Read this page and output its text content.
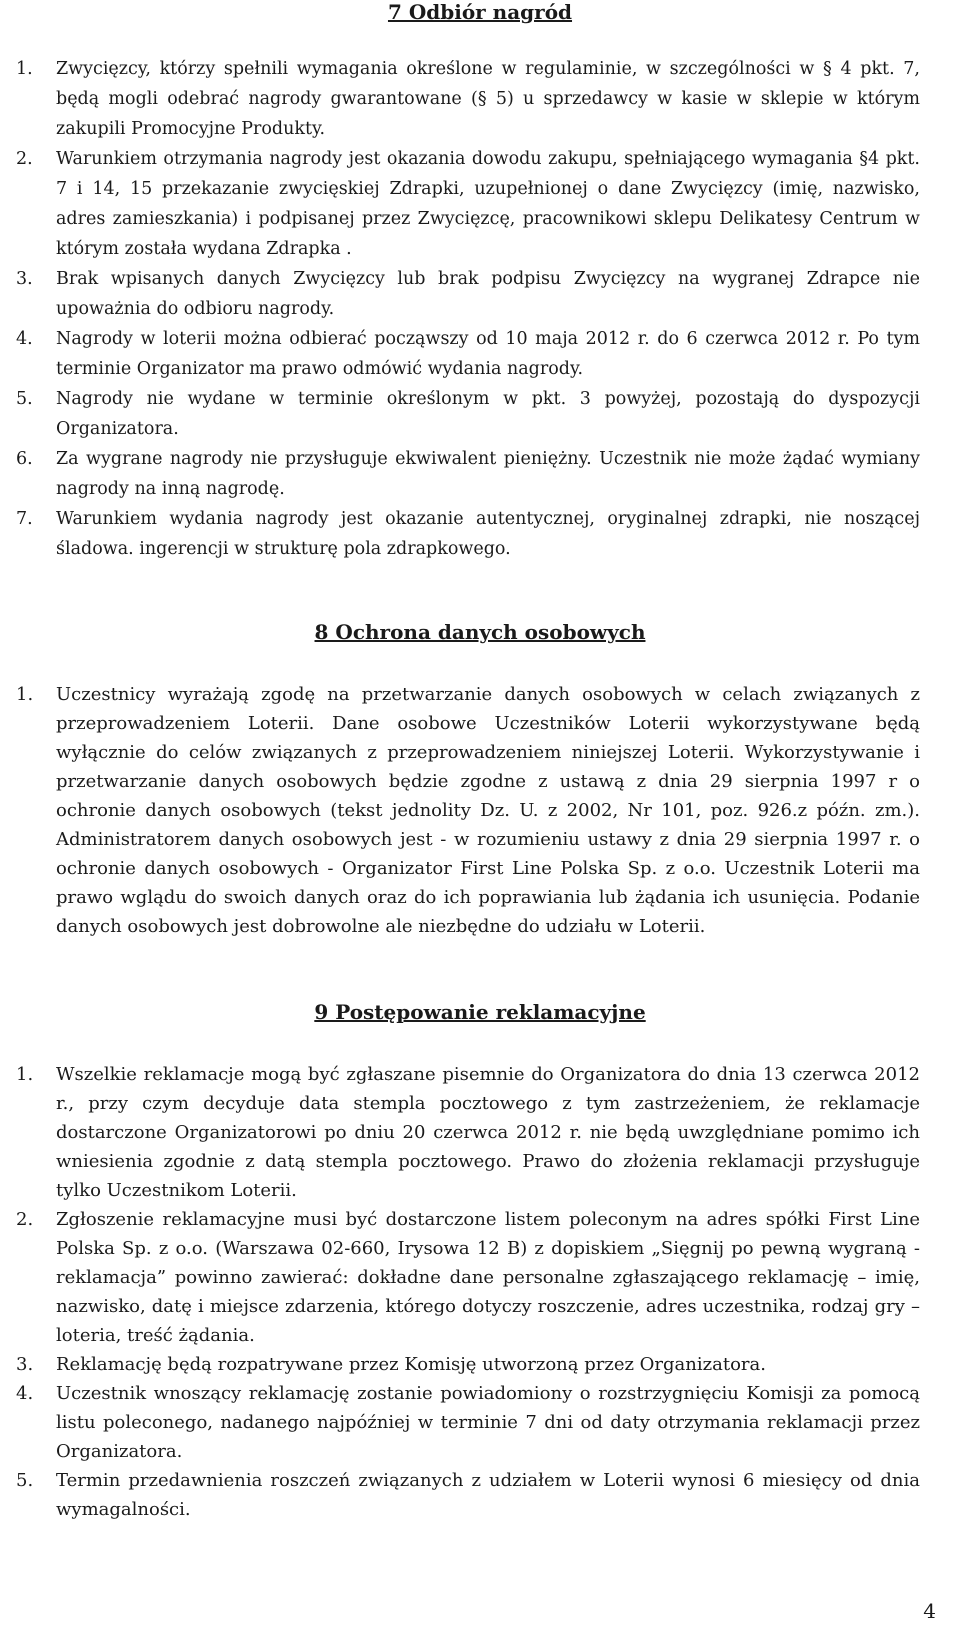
7 Odbiór nagród
1.	Zwycięzcy, którzy spełnili wymagania określone w regulaminie, w szczególności w § 4 pkt. 7, będą mogli odebrać nagrody gwarantowane (§ 5) u sprzedawcy w kasie w sklepie w którym zakupili Promocyjne Produkty.
2.	Warunkiem otrzymania nagrody jest okazania dowodu zakupu, spełniającego wymagania §4 pkt. 7 i 14, 15 przekazanie zwycięskiej Zdrapki, uzupełnionej o dane Zwycięzcy (imię, nazwisko, adres zamieszkania) i podpisanej przez Zwycięzcę, pracownikowi sklepu Delikatesy Centrum w którym została wydana Zdrapka .
3.	Brak wpisanych danych Zwycięzcy lub brak podpisu Zwycięzcy na wygranej Zdrapce nie upoważnia do odbioru nagrody.
4.	Nagrody w loterii można odbierać począwszy od 10 maja 2012 r. do 6 czerwca 2012 r. Po tym terminie Organizator ma prawo odmówić wydania nagrody.
5.	Nagrody nie wydane w terminie określonym w pkt. 3 powyżej, pozostają do dyspozycji Organizatora.
6.	Za wygrane nagrody nie przysługuje ekwiwalent pieniężny. Uczestnik nie może żądać wymiany nagrody na inną nagrodę.
7.	Warunkiem wydania nagrody jest okazanie autentycznej, oryginalnej zdrapki, nie noszącej śladowa. ingerencji w strukturę pola zdrapkowego.
8 Ochrona danych osobowych
1.	Uczestnicy wyrażają zgodę na przetwarzanie danych osobowych w celach związanych z przeprowadzeniem Loterii. Dane osobowe Uczestników Loterii wykorzystywane będą wyłącznie do celów związanych z przeprowadzeniem niniejszej Loterii. Wykorzystywanie i przetwarzanie danych osobowych będzie zgodne z ustawą z dnia 29 sierpnia 1997 r o ochronie danych osobowych (tekst jednolity Dz. U. z 2002, Nr 101, poz. 926.z późn. zm.). Administratorem danych osobowych jest - w rozumieniu ustawy z dnia 29 sierpnia 1997 r. o ochronie danych osobowych - Organizator First Line Polska Sp. z o.o. Uczestnik Loterii ma prawo wglądu do swoich danych oraz do ich poprawiania lub żądania ich usunięcia. Podanie danych osobowych jest dobrowolne ale niezbędne do udziału w Loterii.
9 Postępowanie reklamacyjne
1.	Wszelkie reklamacje mogą być zgłaszane pisemnie do Organizatora do dnia 13 czerwca 2012 r., przy czym decyduje data stempla pocztowego z tym zastrzeżeniem, że reklamacje dostarczone Organizatorowi po dniu 20 czerwca 2012 r. nie będą uwzględniane pomimo ich wniesienia zgodnie z datą stempla pocztowego. Prawo do złożenia reklamacji przysługuje tylko Uczestnikom Loterii.
2.	Zgłoszenie reklamacyjne musi być dostarczone listem poleconym na adres spółki First Line Polska Sp. z o.o. (Warszawa 02-660, Irysowa 12 B) z dopiskiem „Sięgnij po pewną wygraną - reklamacja” powinno zawierać: dokładne dane personalne zgłaszającego reklamację – imię, nazwisko, datę i miejsce zdarzenia, którego dotyczy roszczenie, adres uczestnika, rodzaj gry – loteria, treść żądania.
3.	Reklamację będą rozpatrywane przez Komisję utworzoną przez Organizatora.
4.	Uczestnik wnoszący reklamację zostanie powiadomiony o rozstrzygnięciu Komisji za pomocą listu poleconego, nadanego najpóźniej w terminie 7 dni od daty otrzymania reklamacji przez Organizatora.
5.	Termin przedawnienia roszczeń związanych z udziałem w Loterii wynosi 6 miesięcy od dnia wymagalności.
4
